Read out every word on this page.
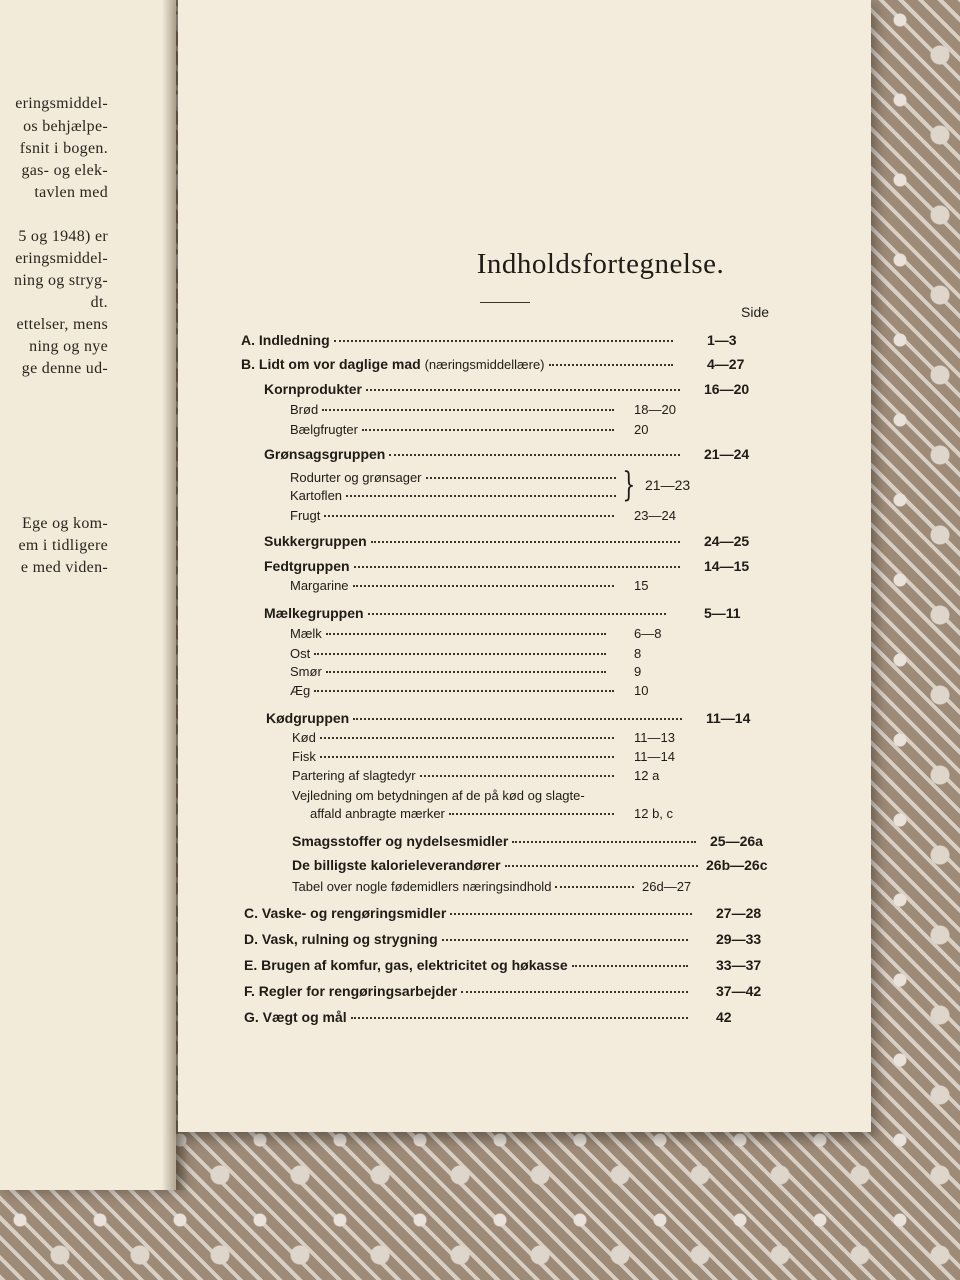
eringsmiddel-
os behjælpe-
fsnit i bogen.
gas- og elek-
tavlen med
5 og 1948) er
eringsmiddel-
ning og stryg-
dt.
ettelser, mens
ning og nye
ge denne ud-
Ege og kom-
em i tidligere
e med viden-
Indholdsfortegnelse.
Side
A. Indledning	1—3
B. Lidt om vor daglige mad (næringsmiddellære)	4—27
Kornprodukter	16—20
Brød	18—20
Bælgfrugter	20
Grønsagsgruppen	21—24
Rodurter og grønsager
Kartoflen	} 21—23
Frugt	23—24
Sukkergruppen	24—25
Fedtgruppen	14—15
Margarine	15
Mælkegruppen	5—11
Mælk	6—8
Ost	8
Smør	9
Æg	10
Kødgruppen	11—14
Kød	11—13
Fisk	11—14
Partering af slagtedyr	12 a
Vejledning om betydningen af de på kød og slagte-
affald anbragte mærker	12 b, c
Smagsstoffer og nydelsesmidler	25—26a
De billigste kalorieleverandører	26b—26c
Tabel over nogle fødemidlers næringsindhold	26d—27
C. Vaske- og rengøringsmidler	27—28
D. Vask, rulning og strygning	29—33
E. Brugen af komfur, gas, elektricitet og høkasse	33—37
F. Regler for rengøringsarbejder	37—42
G. Vægt og mål	42
